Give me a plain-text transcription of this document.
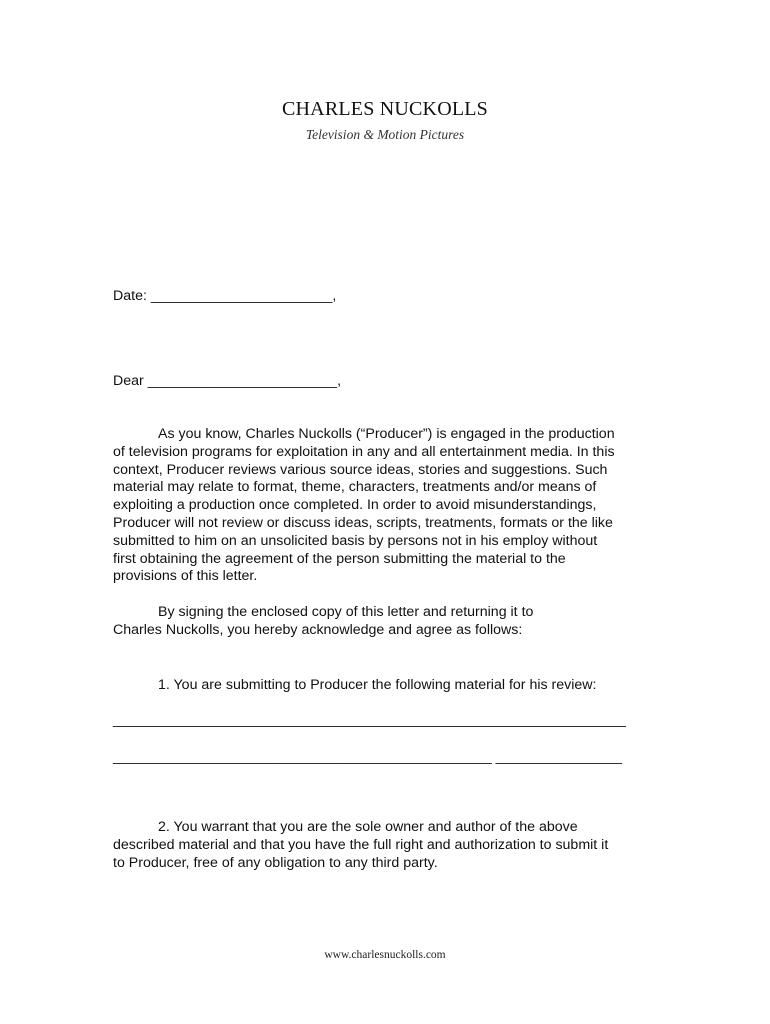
CHARLES NUCKOLLS
Television & Motion Pictures
Date: _______________________,
Dear ________________________,
As you know, Charles Nuckolls (“Producer”) is engaged in the production
of television programs for exploitation in any and all entertainment media. In this
context, Producer reviews various source ideas, stories and suggestions. Such
material may relate to format, theme, characters, treatments and/or means of
exploiting a production once completed. In order to avoid misunderstandings,
Producer will not review or discuss ideas, scripts, treatments, formats or the like
submitted to him on an unsolicited basis by persons not in his employ without
first obtaining the agreement of the person submitting the material to the
provisions of this letter.
By signing the enclosed copy of this letter and returning it to
Charles Nuckolls, you hereby acknowledge and agree as follows:
1. You are submitting to Producer the following material for his review:
_________________________________________________________________
________________________________________________ ________________
2. You warrant that you are the sole owner and author of the above
described material and that you have the full right and authorization to submit it
to Producer, free of any obligation to any third party.
www.charlesnuckolls.com
